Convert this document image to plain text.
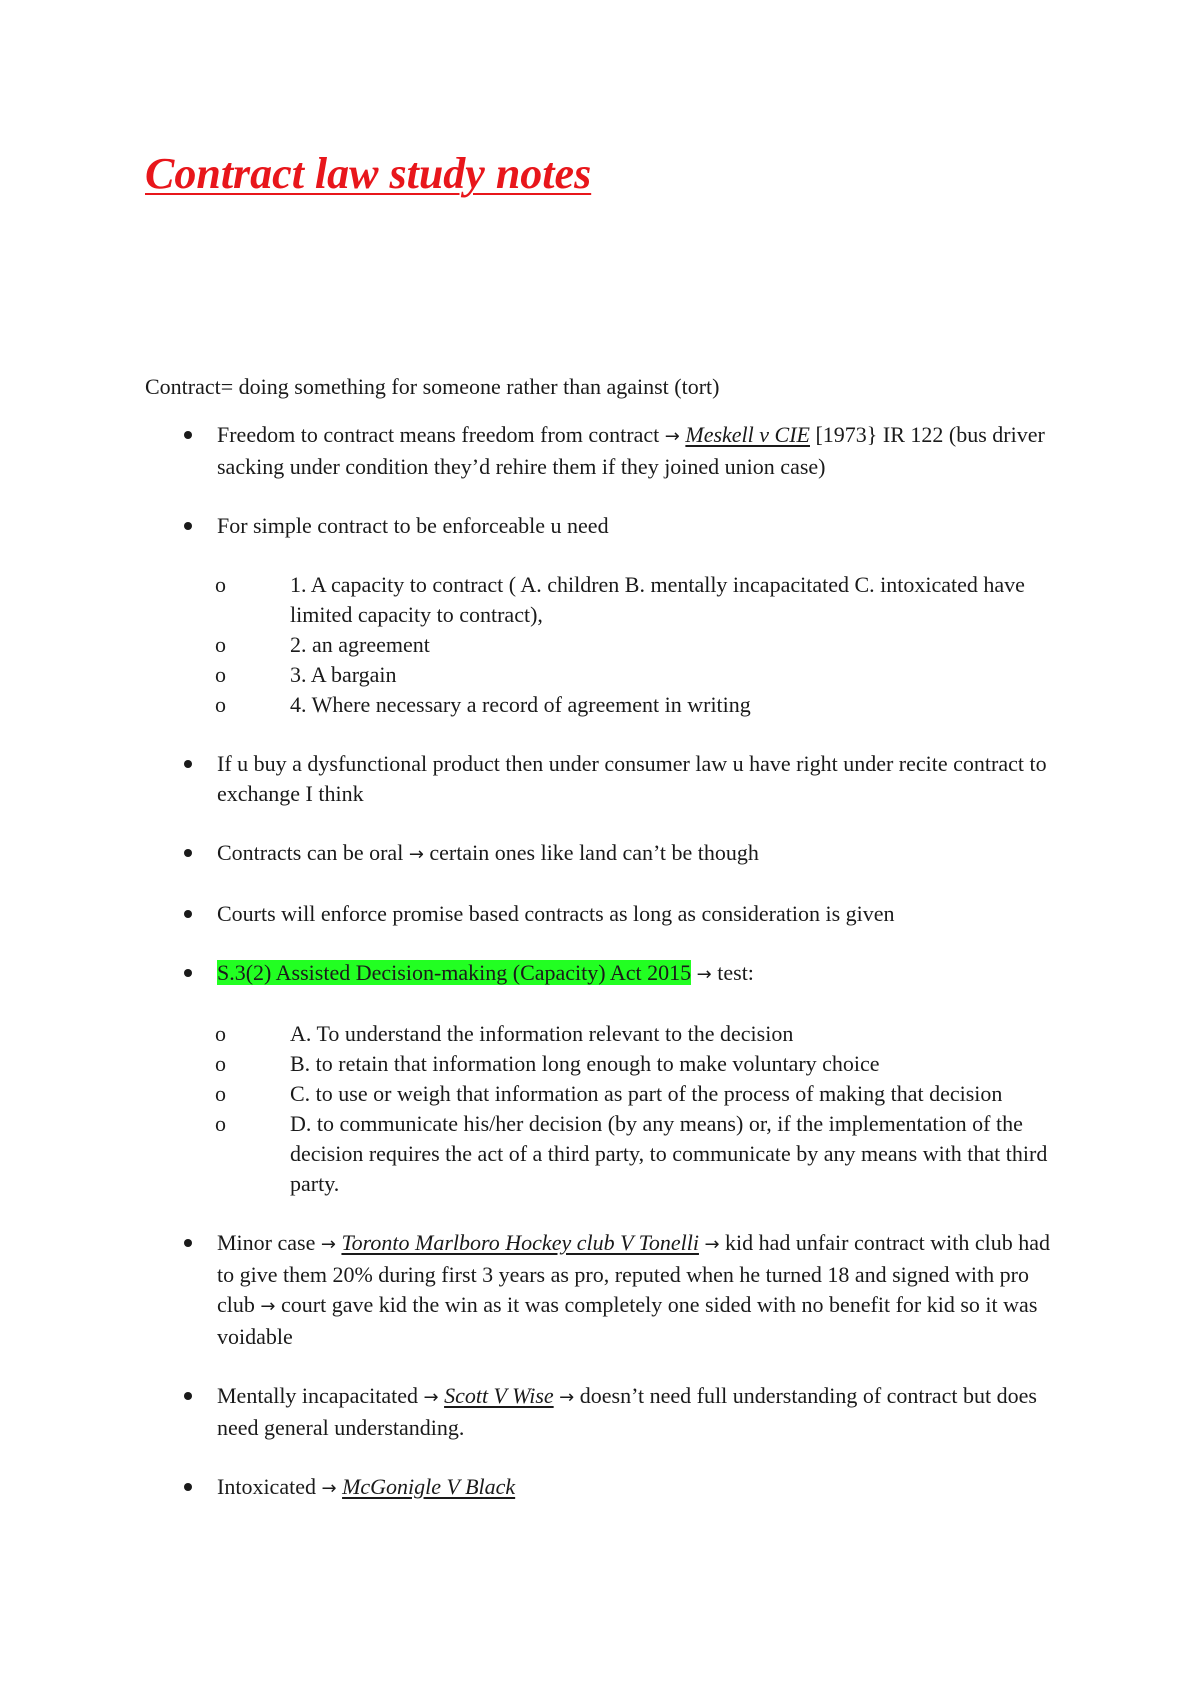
Contract law study notes

Contract= doing something for someone rather than against (tort)

Freedom to contract means freedom from contract → Meskell v CIE [1973} IR 122 (bus driver sacking under condition they’d rehire them if they joined union case)
For simple contract to be enforceable u need
o	1. A capacity to contract ( A. children B. mentally incapacitated C. intoxicated have limited capacity to contract),
o	2. an agreement
o	3. A bargain
o	4. Where necessary a record of agreement in writing
If u buy a dysfunctional product then under consumer law u have right under recite contract to exchange I think
Contracts can be oral → certain ones like land can’t be though
Courts will enforce promise based contracts as long as consideration is given
S.3(2) Assisted Decision-making (Capacity) Act 2015 → test:
o	A. To understand the information relevant to the decision
o	B. to retain that information long enough to make voluntary choice
o	C. to use or weigh that information as part of the process of making that decision
o	D. to communicate his/her decision (by any means) or, if the implementation of the decision requires the act of a third party, to communicate by any means with that third party.
Minor case → Toronto Marlboro Hockey club V Tonelli → kid had unfair contract with club had to give them 20% during first 3 years as pro, reputed when he turned 18 and signed with pro club → court gave kid the win as it was completely one sided with no benefit for kid so it was voidable
Mentally incapacitated → Scott V Wise → doesn’t need full understanding of contract but does need general understanding.
Intoxicated → McGonigle V Black
